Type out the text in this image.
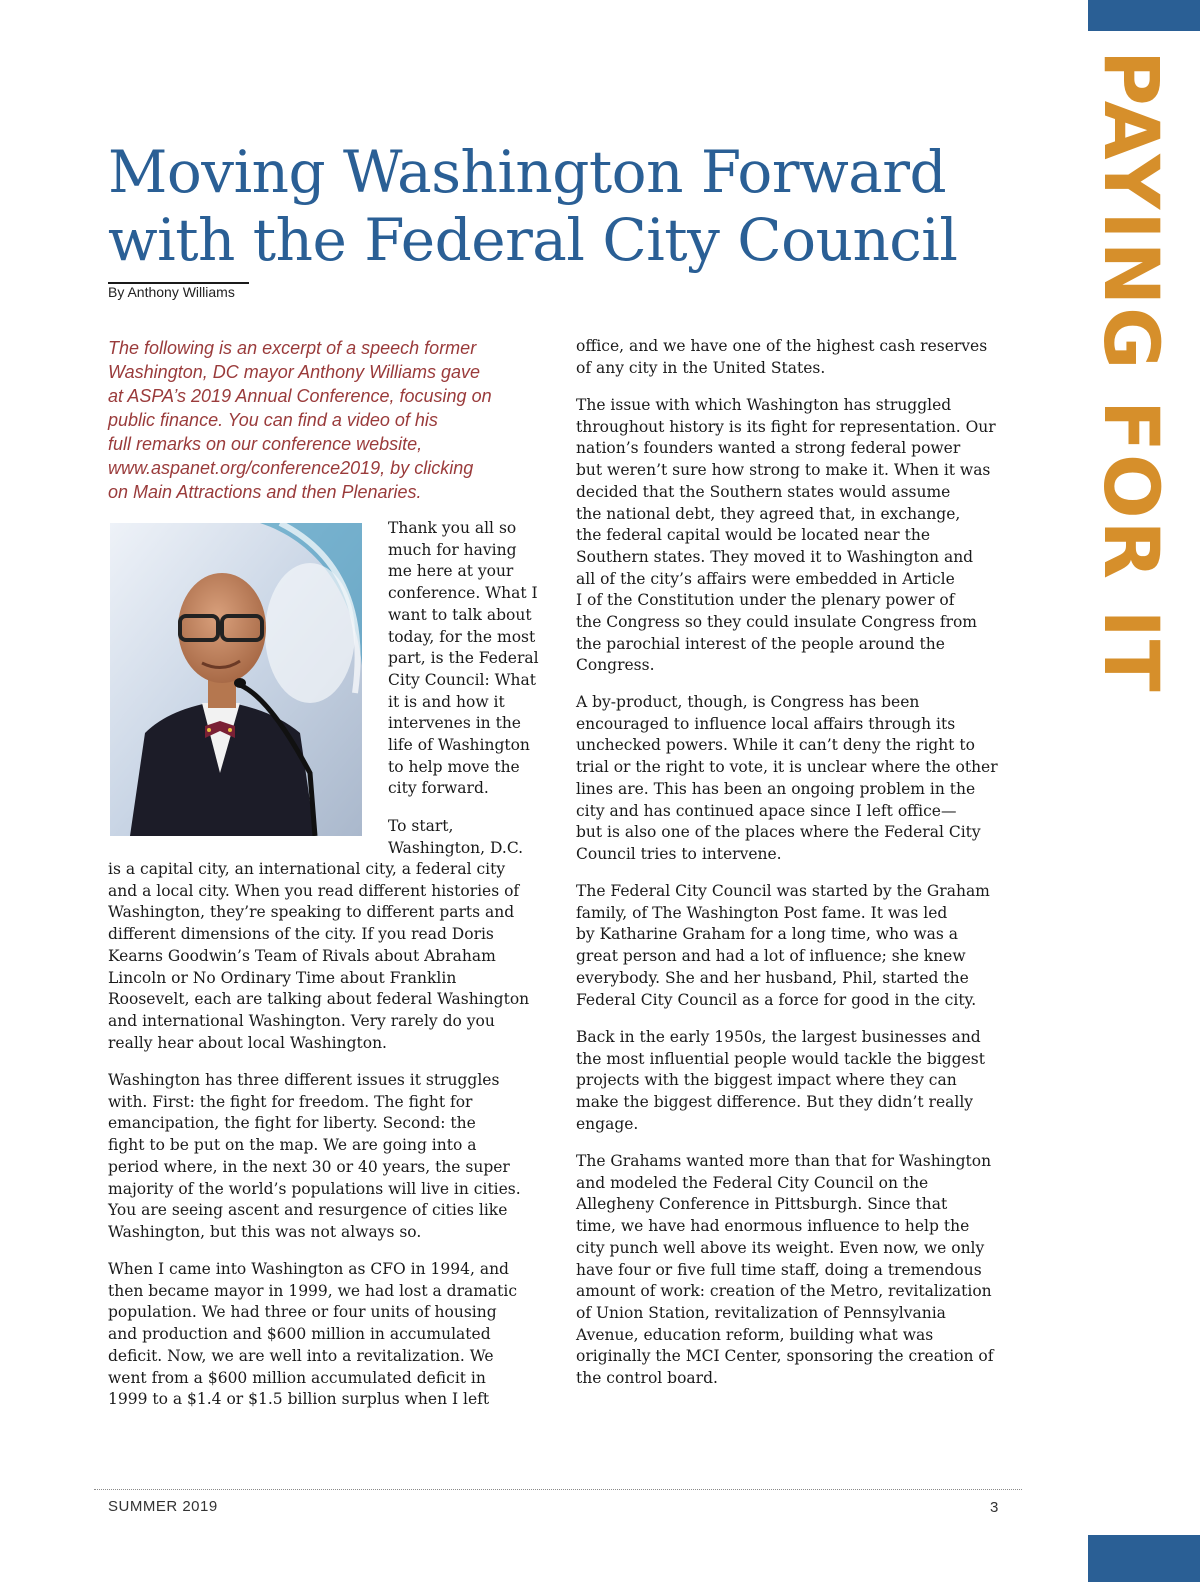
PAYING FOR IT
Moving Washington Forward
with the Federal City Council
By Anthony Williams
The following is an excerpt of a speech former
Washington, DC mayor Anthony Williams gave
at ASPA’s 2019 Annual Conference, focusing on
public finance. You can find a video of his
full remarks on our conference website,
www.aspanet.org/conference2019, by clicking
on Main Attractions and then Plenaries.
Thank you all so
much for having
me here at your
conference. What I
want to talk about
today, for the most
part, is the Federal
City Council: What
it is and how it
intervenes in the
life of Washington
to help move the
city forward.
To start,
Washington, D.C.
is a capital city, an international city, a federal city
and a local city. When you read different histories of
Washington, they’re speaking to different parts and
different dimensions of the city. If you read Doris
Kearns Goodwin’s Team of Rivals about Abraham
Lincoln or No Ordinary Time about Franklin
Roosevelt, each are talking about federal Washington
and international Washington. Very rarely do you
really hear about local Washington.
Washington has three different issues it struggles
with. First: the fight for freedom. The fight for
emancipation, the fight for liberty. Second: the
fight to be put on the map. We are going into a
period where, in the next 30 or 40 years, the super
majority of the world’s populations will live in cities.
You are seeing ascent and resurgence of cities like
Washington, but this was not always so.
When I came into Washington as CFO in 1994, and
then became mayor in 1999, we had lost a dramatic
population. We had three or four units of housing
and production and $600 million in accumulated
deficit. Now, we are well into a revitalization. We
went from a $600 million accumulated deficit in
1999 to a $1.4 or $1.5 billion surplus when I left
office, and we have one of the highest cash reserves
of any city in the United States.
The issue with which Washington has struggled
throughout history is its fight for representation. Our
nation’s founders wanted a strong federal power
but weren’t sure how strong to make it. When it was
decided that the Southern states would assume
the national debt, they agreed that, in exchange,
the federal capital would be located near the
Southern states. They moved it to Washington and
all of the city’s affairs were embedded in Article
I of the Constitution under the plenary power of
the Congress so they could insulate Congress from
the parochial interest of the people around the
Congress.
A by-product, though, is Congress has been
encouraged to influence local affairs through its
unchecked powers. While it can’t deny the right to
trial or the right to vote, it is unclear where the other
lines are. This has been an ongoing problem in the
city and has continued apace since I left office—
but is also one of the places where the Federal City
Council tries to intervene.
The Federal City Council was started by the Graham
family, of The Washington Post fame. It was led
by Katharine Graham for a long time, who was a
great person and had a lot of influence; she knew
everybody. She and her husband, Phil, started the
Federal City Council as a force for good in the city.
Back in the early 1950s, the largest businesses and
the most influential people would tackle the biggest
projects with the biggest impact where they can
make the biggest difference. But they didn’t really
engage.
The Grahams wanted more than that for Washington
and modeled the Federal City Council on the
Allegheny Conference in Pittsburgh. Since that
time, we have had enormous influence to help the
city punch well above its weight. Even now, we only
have four or five full time staff, doing a tremendous
amount of work: creation of the Metro, revitalization
of Union Station, revitalization of Pennsylvania
Avenue, education reform, building what was
originally the MCI Center, sponsoring the creation of
the control board.
SUMMER 2019	3
